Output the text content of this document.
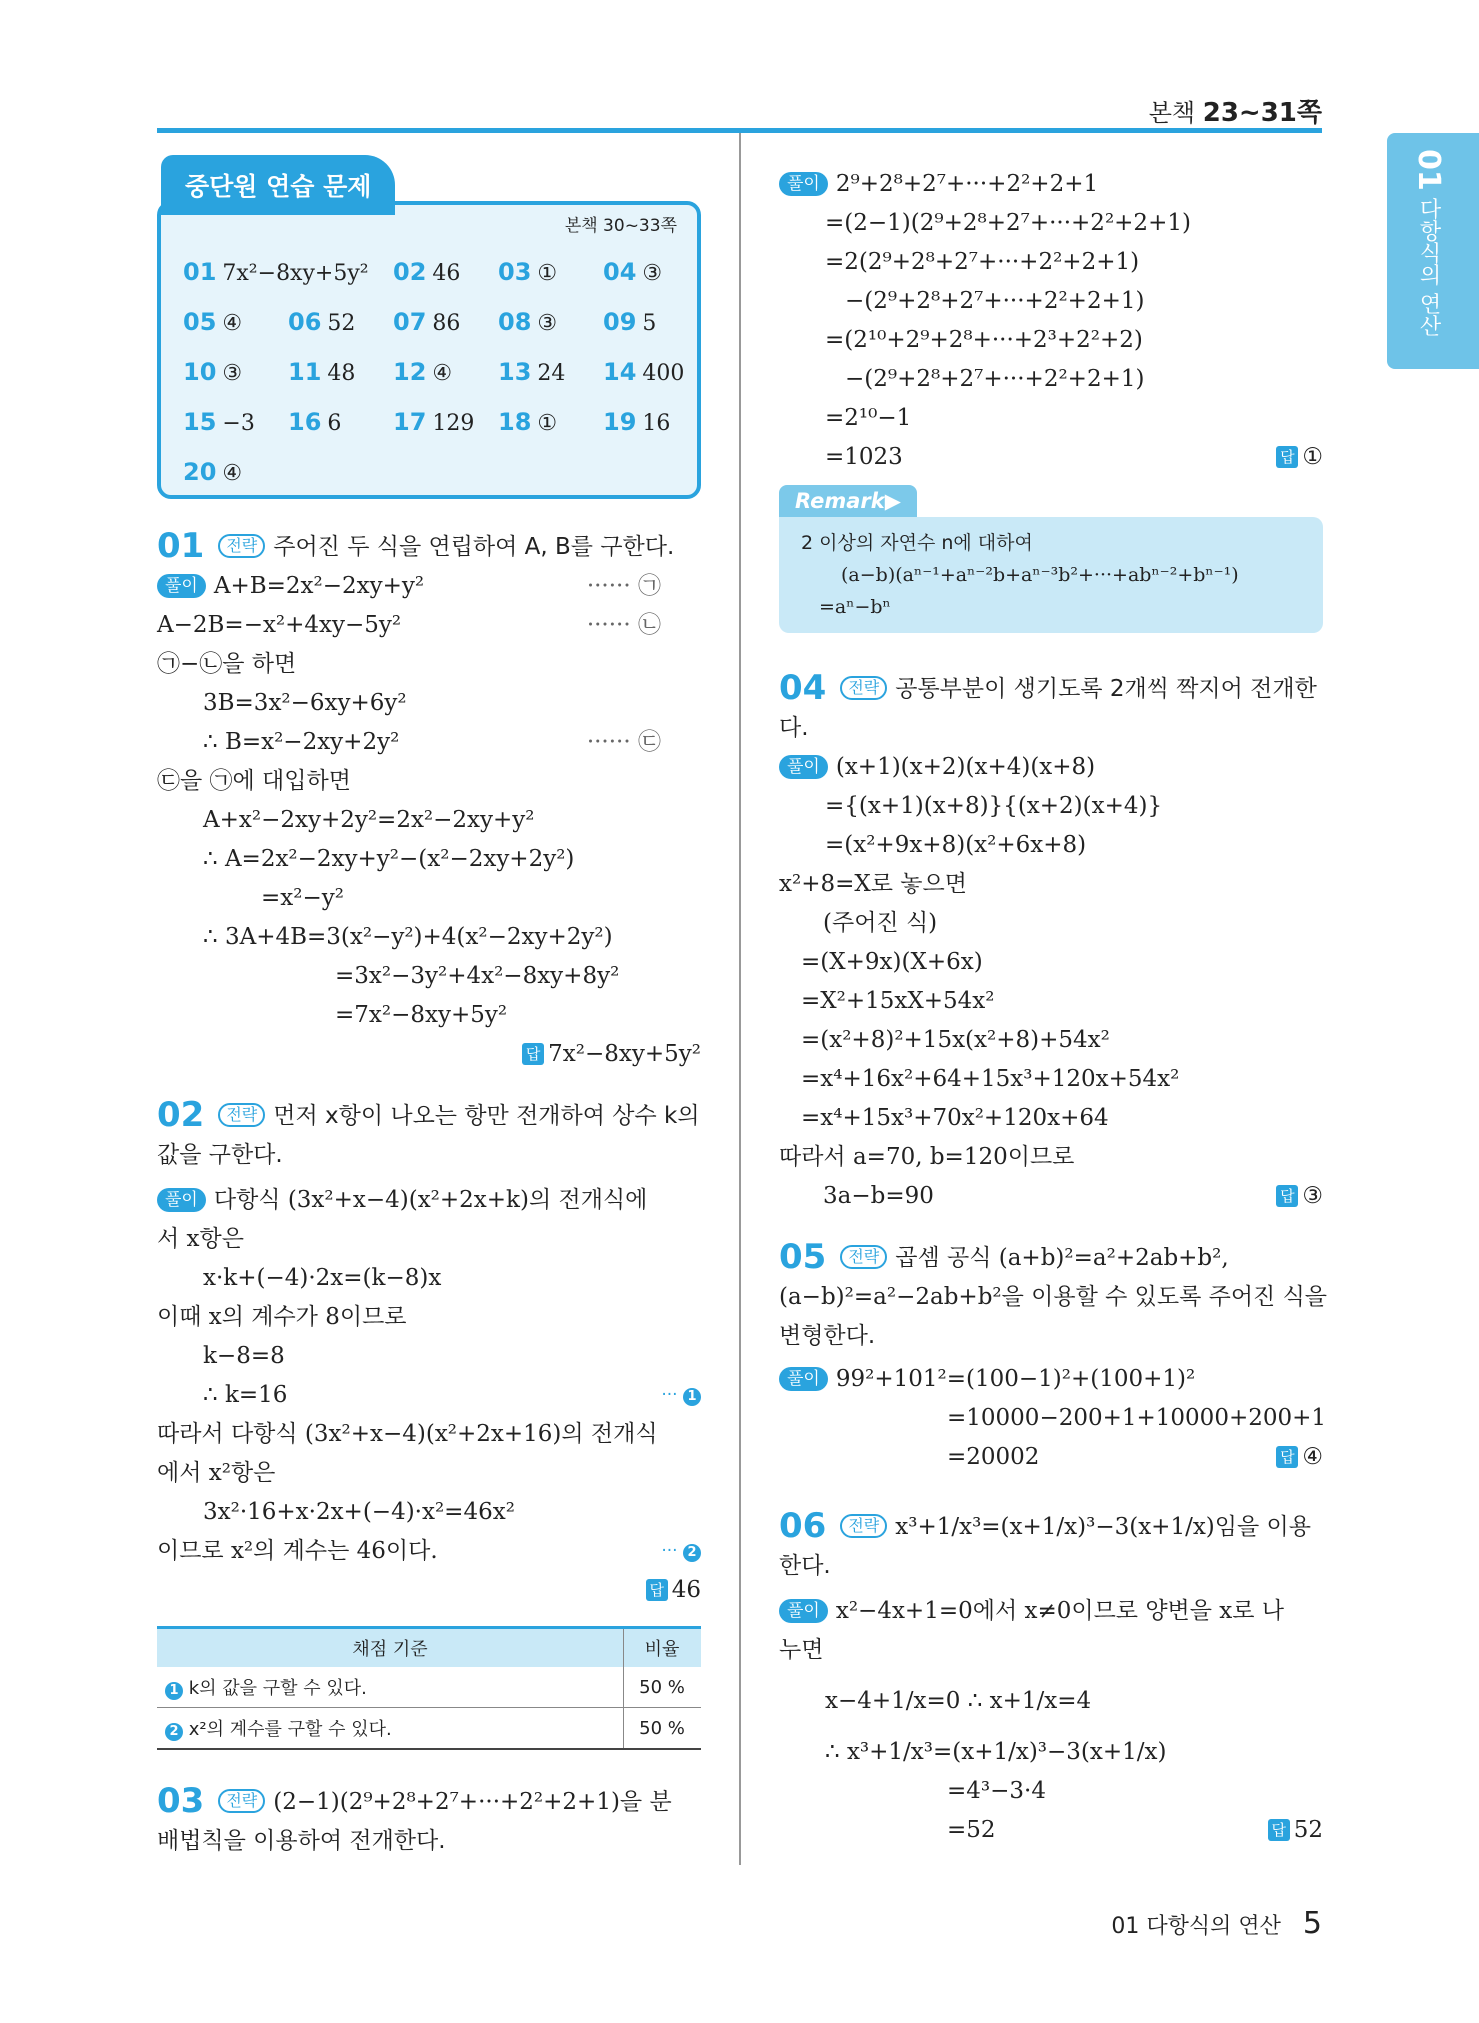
본책 23~31쪽
01 다항식의 연산
중단원 연습 문제
본책 30~33쪽
01 7x²−8xy+5y²	02 46	03 ①	04 ③
05 ④	06 52	07 86	08 ③	09 5
10 ③	11 48	12 ④	13 24	14 400
15 −3	16 6	17 129 18 ①	19 16
20 ④
01 전략 주어진 두 식을 연립하여 A, B를 구한다.
풀이 A+B=2x²−2xy+y²	······ ㉠
A−2B=−x²+4xy−5y²	······ ㉡
㉠−㉡을 하면
3B=3x²−6xy+6y²
∴ B=x²−2xy+2y²	······ ㉢
㉢을 ㉠에 대입하면
A+x²−2xy+2y²=2x²−2xy+y²
∴ A=2x²−2xy+y²−(x²−2xy+2y²)
=x²−y²
∴ 3A+4B=3(x²−y²)+4(x²−2xy+2y²)
=3x²−3y²+4x²−8xy+8y²
=7x²−8xy+5y²
답 7x²−8xy+5y²
02 전략 먼저 x항이 나오는 항만 전개하여 상수 k의
값을 구한다.
풀이 다항식 (3x²+x−4)(x²+2x+k)의 전개식에
서 x항은
x·k+(−4)·2x=(k−8)x
이때 x의 계수가 8이므로
k−8=8
∴ k=16	··· 1
따라서 다항식 (3x²+x−4)(x²+2x+16)의 전개식
에서 x²항은
3x²·16+x·2x+(−4)·x²=46x²
이므로 x²의 계수는 46이다.	··· 2
답 46
채점 기준	비율
1 k의 값을 구할 수 있다.	50 %
2 x²의 계수를 구할 수 있다.	50 %
03 전략 (2−1)(2⁹+2⁸+2⁷+···+2²+2+1)을 분
배법칙을 이용하여 전개한다.
풀이 2⁹+2⁸+2⁷+···+2²+2+1
=(2−1)(2⁹+2⁸+2⁷+···+2²+2+1)
=2(2⁹+2⁸+2⁷+···+2²+2+1)
−(2⁹+2⁸+2⁷+···+2²+2+1)
=(2¹⁰+2⁹+2⁸+···+2³+2²+2)
−(2⁹+2⁸+2⁷+···+2²+2+1)
=2¹⁰−1
=1023	답 ①
Remark▶
2 이상의 자연수 n에 대하여
(a−b)(aⁿ⁻¹+aⁿ⁻²b+aⁿ⁻³b²+···+abⁿ⁻²+bⁿ⁻¹)
=aⁿ−bⁿ
04 전략 공통부분이 생기도록 2개씩 짝지어 전개한다.
풀이 (x+1)(x+2)(x+4)(x+8)
={(x+1)(x+8)}{(x+2)(x+4)}
=(x²+9x+8)(x²+6x+8)
x²+8=X로 놓으면
(주어진 식)
=(X+9x)(X+6x)
=X²+15xX+54x²
=(x²+8)²+15x(x²+8)+54x²
=x⁴+16x²+64+15x³+120x+54x²
=x⁴+15x³+70x²+120x+64
따라서 a=70, b=120이므로
3a−b=90	답 ③
05 전략 곱셈 공식 (a+b)²=a²+2ab+b²,
(a−b)²=a²−2ab+b²을 이용할 수 있도록 주어진 식을
변형한다.
풀이 99²+101²=(100−1)²+(100+1)²
=10000−200+1+10000+200+1
=20002	답 ④
06 전략 x³+1/x³=(x+1/x)³−3(x+1/x)임을 이용
한다.
풀이 x²−4x+1=0에서 x≠0이므로 양변을 x로 나
누면
x−4+1/x=0 ∴ x+1/x=4
∴ x³+1/x³=(x+1/x)³−3(x+1/x)
=4³−3·4
=52	답 52
01 다항식의 연산 5
